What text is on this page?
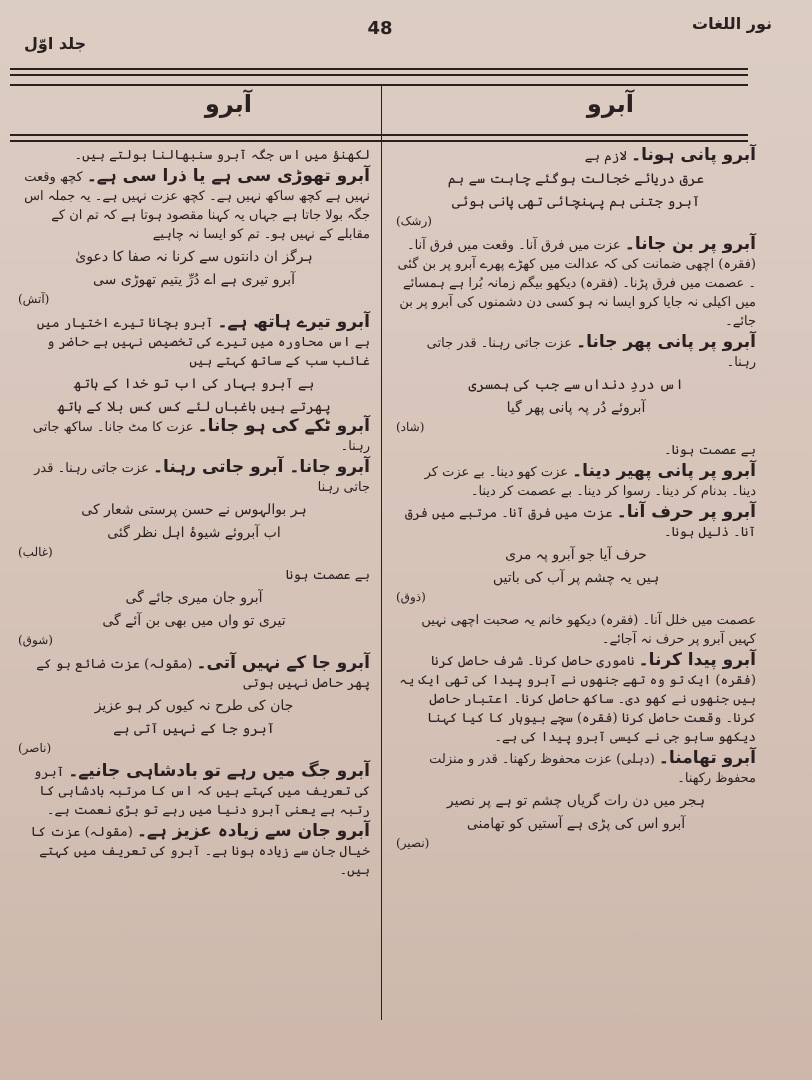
جلد اوّل
48	نور اللغات
آبرو
آبرو
آبرو پانی ہونا۔ لازم ہے
عرق دریائے خجالت ہوگئے چاہت سے ہم
آبرو جتنی ہم پہنچائی تھی پانی ہوئی
(رشک)
آبرو پر بن جانا۔ عزت میں فرق آنا۔ وقعت میں فرق آنا۔ (فقرہ) اچھی ضمانت کی کہ عدالت میں کھڑے پھرے آبرو پر بن گئی ۔ عصمت میں فرق پڑنا۔ (فقرہ) دیکھو بیگم زمانہ بُرا ہے ہمسائے میں اکیلی نہ جایا کرو ایسا نہ ہو کسی دن دشمنوں کی آبرو پر بن جائے۔
آبرو پر پانی پھر جانا۔ عزت جاتی رہنا۔ قدر جاتی رہنا۔
اس دردِ دنداں سے جب کی ہمسری
آبروئے دُر پہ پانی پھر گیا
(شاد)
بے عصمت ہونا۔
آبرو پر پانی پھیر دینا۔ عزت کھو دینا۔ بے عزت کر دینا۔ بدنام کر دینا۔ رسوا کر دینا۔ بے عصمت کر دینا۔
آبرو پر حرف آنا۔ عزت میں فرق آنا۔ مرتبے میں فرق آنا۔ ذلیل ہونا۔
حرف آیا جو آبرو پہ مری
ہیں یہ چشم پر آب کی باتیں
(ذوق)
عصمت میں خلل آنا۔ (فقرہ) دیکھو خانم یہ صحبت اچھی نہیں کہیں آبرو پر حرف نہ آجائے۔
آبرو پیدا کرنا۔ ناموری حاصل کرنا۔ شرف حاصل کرنا (فقرہ) ایک تو وہ تھے جنھوں نے آبرو پیدا کی تھی ایک یہ ہیں جنھوں نے کھو دی۔ ساکھ حاصل کرنا۔ اعتبار حاصل کرنا۔ وقعت حاصل کرنا (فقرہ) سچے بیوہار کا کیا کہنا دیکھو ساہو جی نے کیسی آبرو پیدا کی ہے۔
آبرو تھامنا۔ (دہلی) عزت محفوظ رکھنا۔ قدر و منزلت محفوظ رکھنا۔
ہجر میں دن رات گریاں چشم تو ہے پر نصیر
آبرو اس کی پڑی ہے آستیں کو تھامنی
(نصیر)
لکھنؤ میں اس جگہ آبرو سنبھالنا بولتے ہیں۔
آبرو تھوڑی سی ہے یا ذرا سی ہے۔ کچھ وقعت نہیں ہے کچھ ساکھ نہیں ہے۔ کچھ عزت نہیں ہے۔ یہ جملہ اس جگہ بولا جاتا ہے جہاں یہ کہنا مقصود ہوتا ہے کہ تم ان کے مقابلے کے نہیں ہو۔ تم کو ایسا نہ چاہیے
ہرگز ان دانتوں سے کرنا نہ صفا کا دعویٰ
آبرو تیری ہے اے دُرِّ یتیم تھوڑی سی
(آتش)
آبرو تیرے ہاتھ ہے۔ آبرو بچانا تیرے اختیار میں ہے اس محاورہ میں تیرے کی تخصیص نہیں ہے حاضر و غائب سب کے ساتھ کہتے ہیں
ہے آبرو بہار کی اب تو خدا کے ہاتھ
پھرتے ہیں باغباں لئے کس کس بلا کے ہاتھ
آبرو ٹکے کی ہو جانا۔ عزت کا مٹ جانا۔ ساکھ جاتی رہنا۔
آبرو جانا۔ آبرو جاتی رہنا۔ عزت جاتی رہنا۔ قدر جاتی رہنا
ہر بوالہوس نے حسن پرستی شعار کی
اب آبروئے شیوۂ اہل نظر گئی
(غالب)
بے عصمت ہونا
آبرو جان میری جائے گی
تیری تو واں میں بھی بن آئے گی
(شوق)
آبرو جا کے نہیں آتی۔ (مقولہ) عزت ضائع ہو کے پھر حاصل نہیں ہوتی
جان کی طرح نہ کیوں کر ہو عزیز
آبرو جا کے نہیں آتی ہے
(ناصر)
آبرو جگ میں رہے تو بادشاہی جانیے۔ آبرو کی تعریف میں کہتے ہیں کہ اس کا مرتبہ بادشاہی کا رتبہ ہے یعنی آبرو دنیا میں رہے تو بڑی نعمت ہے۔
آبرو جان سے زیادہ عزیز ہے۔ (مقولہ) عزت کا خیال جان سے زیادہ ہونا ہے۔ آبرو کی تعریف میں کہتے ہیں۔
